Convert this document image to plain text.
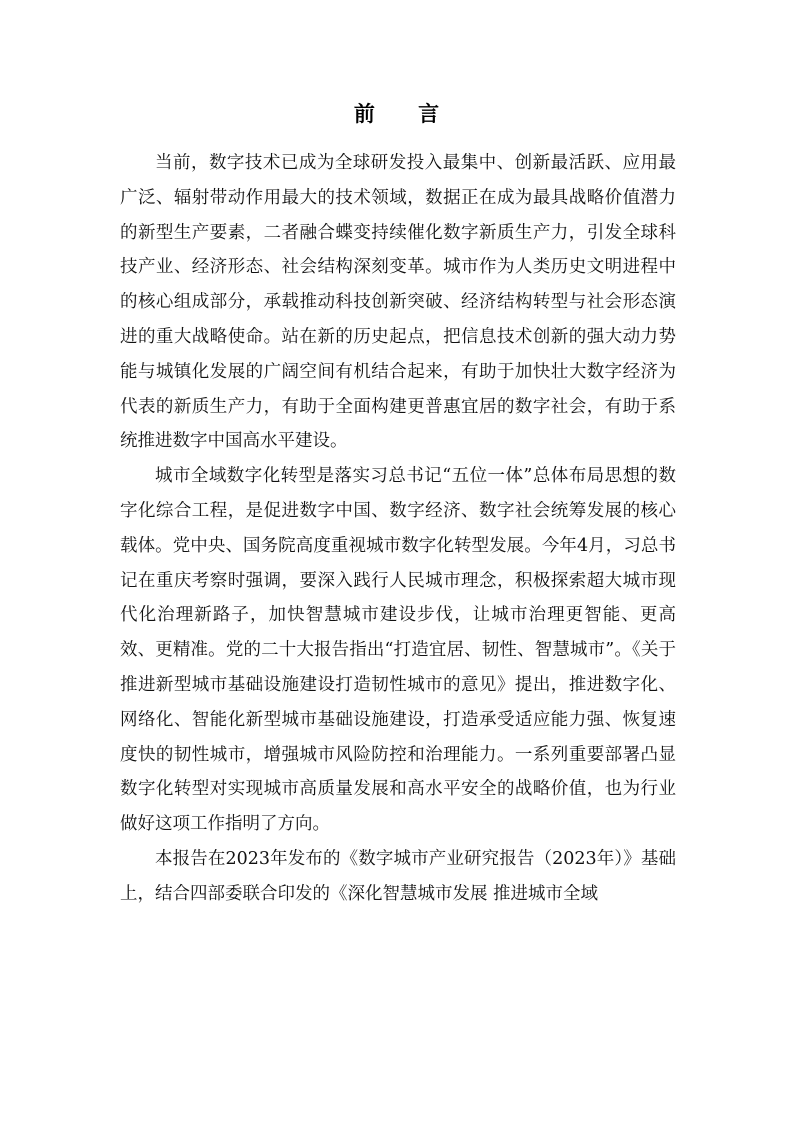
前 言

当前，数字技术已成为全球研发投入最集中、创新最活跃、应用最广泛、辐射带动作用最大的技术领域，数据正在成为最具战略价值潜力的新型生产要素，二者融合蝶变持续催化数字新质生产力，引发全球科技产业、经济形态、社会结构深刻变革。城市作为人类历史文明进程中的核心组成部分，承载推动科技创新突破、经济结构转型与社会形态演进的重大战略使命。站在新的历史起点，把信息技术创新的强大动力势能与城镇化发展的广阔空间有机结合起来，有助于加快壮大数字经济为代表的新质生产力，有助于全面构建更普惠宜居的数字社会，有助于系统推进数字中国高水平建设。

城市全域数字化转型是落实习总书记“五位一体”总体布局思想的数字化综合工程，是促进数字中国、数字经济、数字社会统筹发展的核心载体。党中央、国务院高度重视城市数字化转型发展。今年4月，习总书记在重庆考察时强调，要深入践行人民城市理念，积极探索超大城市现代化治理新路子，加快智慧城市建设步伐，让城市治理更智能、更高效、更精准。党的二十大报告指出“打造宜居、韧性、智慧城市”。《关于推进新型城市基础设施建设打造韧性城市的意见》提出，推进数字化、网络化、智能化新型城市基础设施建设，打造承受适应能力强、恢复速度快的韧性城市，增强城市风险防控和治理能力。一系列重要部署凸显数字化转型对实现城市高质量发展和高水平安全的战略价值，也为行业做好这项工作指明了方向。

本报告在2023年发布的《数字城市产业研究报告（2023年）》基础上，结合四部委联合印发的《深化智慧城市发展 推进城市全域
